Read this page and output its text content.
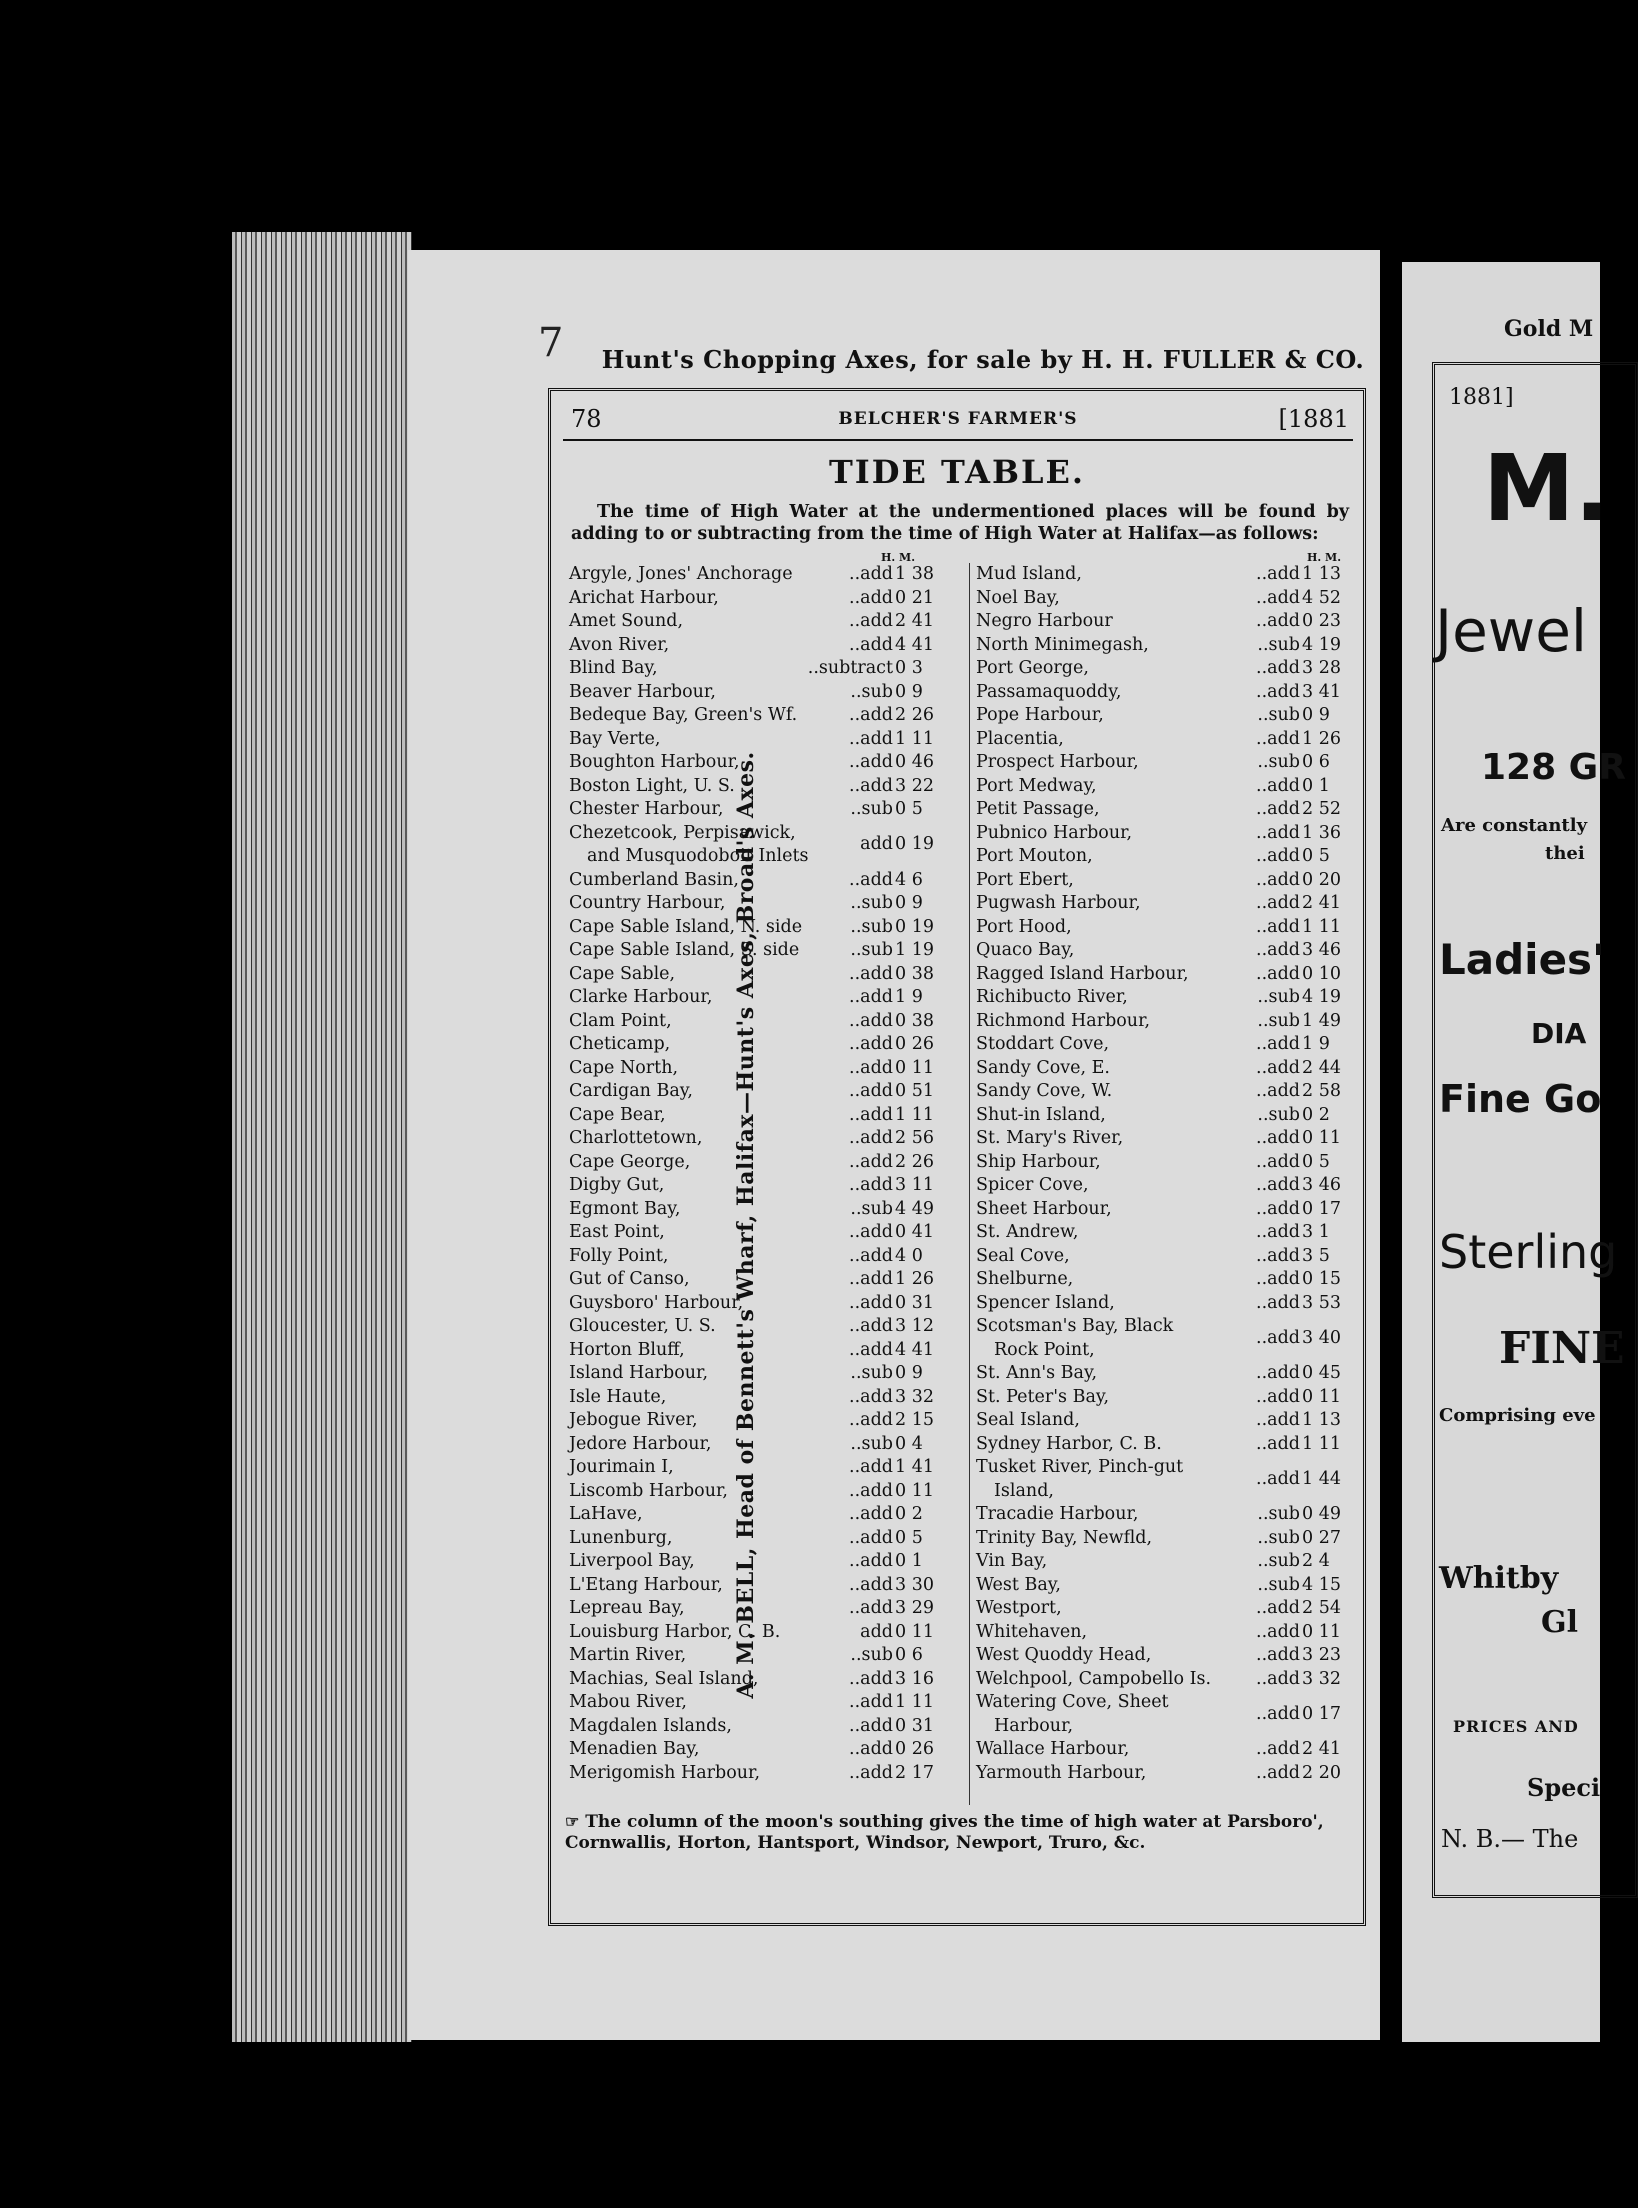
7	Hunt's Chopping Axes, for sale by H. H. FULLER & CO.
A. M. BELL, Head of Bennett's Wharf, Halifax—Hunt's Axes, Broad's Axes.
78	BELCHER'S FARMER'S	[1881
TIDE TABLE.
The time of High Water at the undermentioned places will be found by adding to or subtracting from the time of High Water at Halifax—as follows:
H. M.	H. M.
Argyle, Jones' Anchorage	..add 1 38
Arichat Harbour,	..add 0 21
Amet Sound,	..add 2 41
Avon River,	..add 4 41
Blind Bay,	..subtract 0 3
Beaver Harbour,	..sub 0 9
Bedeque Bay, Green's Wf.	..add 2 26
Bay Verte,	..add 1 11
Boughton Harbour,	..add 0 46
Boston Light, U. S.	..add 3 22
Chester Harbour,	..sub 0 5
Chezetcook, Perpisawick,
and Musquodoboit Inlets
add 0 19
Cumberland Basin,	..add 4 6
Country Harbour,	..sub 0 9
Cape Sable Island, N. side	..sub 0 19
Cape Sable Island, S. side	..sub 1 19
Cape Sable,	..add 0 38
Clarke Harbour,	..add 1 9
Clam Point,	..add 0 38
Cheticamp,	..add 0 26
Cape North,	..add 0 11
Cardigan Bay,	..add 0 51
Cape Bear,	..add 1 11
Charlottetown,	..add 2 56
Cape George,	..add 2 26
Digby Gut,	..add 3 11
Egmont Bay,	..sub 4 49
East Point,	..add 0 41
Folly Point,	..add 4 0
Gut of Canso,	..add 1 26
Guysboro' Harbour,	..add 0 31
Gloucester, U. S.	..add 3 12
Horton Bluff,	..add 4 41
Island Harbour,	..sub 0 9
Isle Haute,	..add 3 32
Jebogue River,	..add 2 15
Jedore Harbour,	..sub 0 4
Jourimain I,	..add 1 41
Liscomb Harbour,	..add 0 11
LaHave,	..add 0 2
Lunenburg,	..add 0 5
Liverpool Bay,	..add 0 1
L'Etang Harbour,	..add 3 30
Lepreau Bay,	..add 3 29
Louisburg Harbor, C. B.	add 0 11
Martin River,	..sub 0 6
Machias, Seal Island,	..add 3 16
Mabou River,	..add 1 11
Magdalen Islands,	..add 0 31
Menadien Bay,	..add 0 26
Merigomish Harbour,	..add 2 17
Mud Island,	..add 1 13
Noel Bay,	..add 4 52
Negro Harbour	..add 0 23
North Minimegash,	..sub 4 19
Port George,	..add 3 28
Passamaquoddy,	..add 3 41
Pope Harbour,	..sub 0 9
Placentia,	..add 1 26
Prospect Harbour,	..sub 0 6
Port Medway,	..add 0 1
Petit Passage,	..add 2 52
Pubnico Harbour,	..add 1 36
Port Mouton,	..add 0 5
Port Ebert,	..add 0 20
Pugwash Harbour,	..add 2 41
Port Hood,	..add 1 11
Quaco Bay,	..add 3 46
Ragged Island Harbour,	..add 0 10
Richibucto River,	..sub 4 19
Richmond Harbour,	..sub 1 49
Stoddart Cove,	..add 1 9
Sandy Cove, E.	..add 2 44
Sandy Cove, W.	..add 2 58
Shut-in Island,	..sub 0 2
St. Mary's River,	..add 0 11
Ship Harbour,	..add 0 5
Spicer Cove,	..add 3 46
Sheet Harbour,	..add 0 17
St. Andrew,	..add 3 1
Seal Cove,	..add 3 5
Shelburne,	..add 0 15
Spencer Island,	..add 3 53
Scotsman's Bay, Black
Rock Point,
..add 3 40
St. Ann's Bay,	..add 0 45
St. Peter's Bay,	..add 0 11
Seal Island,	..add 1 13
Sydney Harbor, C. B.	..add 1 11
Tusket River, Pinch-gut
Island,
..add 1 44
Tracadie Harbour,	..sub 0 49
Trinity Bay, Newfld,	..sub 0 27
Vin Bay,	..sub 2 4
West Bay,	..sub 4 15
Westport,	..add 2 54
Whitehaven,	..add 0 11
West Quoddy Head,	..add 3 23
Welchpool, Campobello Is.	..add 3 32
Watering Cove, Sheet
Harbour,
..add 0 17
Wallace Harbour,	..add 2 41
Yarmouth Harbour,	..add 2 20
☞ The column of the moon's southing gives the time of high water at Parsboro', Cornwallis, Horton, Hantsport, Windsor, Newport, Truro, &c.
Gold M
1881]
M.
Jewel
128 GR
Are constantly
thei
Ladies'
DIA
Fine Go
Sterling
FINE
Comprising eve
Whitby
Gl
PRICES AND
Speci
N. B.— The
